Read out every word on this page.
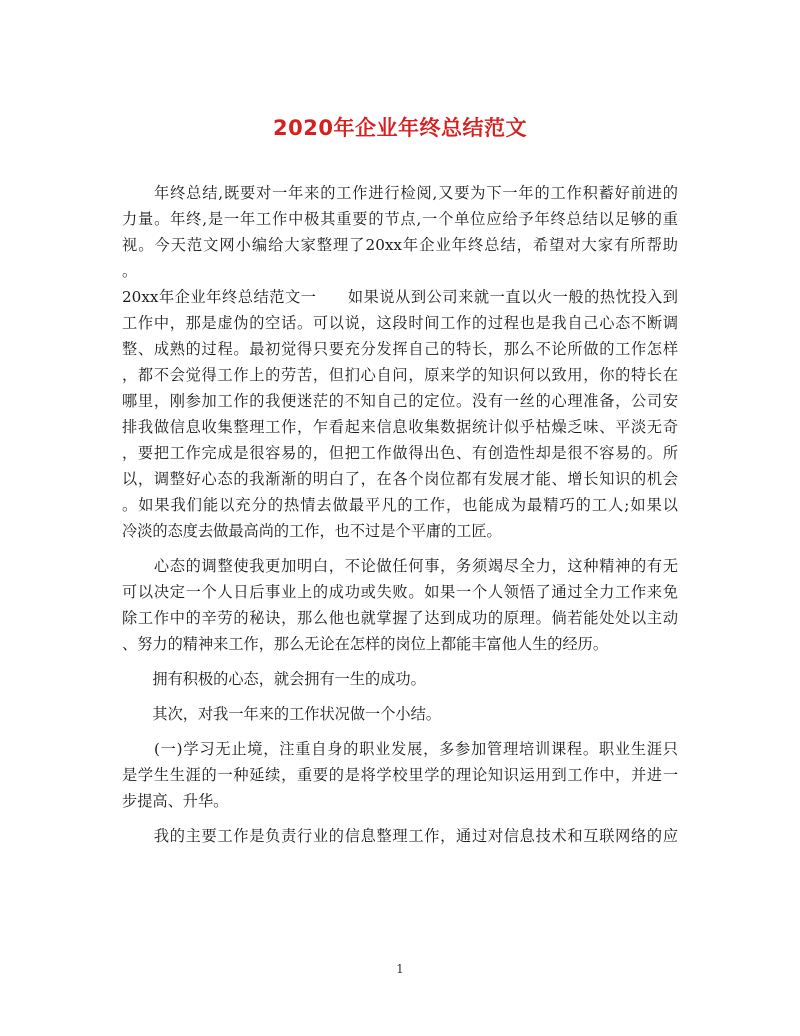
2020年企业年终总结范文
　　年终总结,既要对一年来的工作进行检阅,又要为下一年的工作积蓄好前进的
力量。年终,是一年工作中极其重要的节点,一个单位应给予年终总结以足够的重
视。今天范文网小编给大家整理了20xx年企业年终总结，希望对大家有所帮助
。
20xx年企业年终总结范文一　　如果说从到公司来就一直以火一般的热忱投入到
工作中，那是虚伪的空话。可以说，这段时间工作的过程也是我自己心态不断调
整、成熟的过程。最初觉得只要充分发挥自己的特长，那么不论所做的工作怎样
，都不会觉得工作上的劳苦，但扪心自问，原来学的知识何以致用，你的特长在
哪里，刚参加工作的我便迷茫的不知自己的定位。没有一丝的心理准备，公司安
排我做信息收集整理工作，乍看起来信息收集数据统计似乎枯燥乏味、平淡无奇
，要把工作完成是很容易的，但把工作做得出色、有创造性却是很不容易的。所
以，调整好心态的我渐渐的明白了，在各个岗位都有发展才能、增长知识的机会
。如果我们能以充分的热情去做最平凡的工作，也能成为最精巧的工人;如果以
冷淡的态度去做最高尚的工作，也不过是个平庸的工匠。
　　心态的调整使我更加明白，不论做任何事，务须竭尽全力，这种精神的有无
可以决定一个人日后事业上的成功或失败。如果一个人领悟了通过全力工作来免
除工作中的辛劳的秘诀，那么他也就掌握了达到成功的原理。倘若能处处以主动
、努力的精神来工作，那么无论在怎样的岗位上都能丰富他人生的经历。
　　拥有积极的心态，就会拥有一生的成功。
　　其次，对我一年来的工作状况做一个小结。
　　(一)学习无止境，注重自身的职业发展，多参加管理培训课程。职业生涯只
是学生生涯的一种延续，重要的是将学校里学的理论知识运用到工作中，并进一
步提高、升华。
　　我的主要工作是负责行业的信息整理工作，通过对信息技术和互联网络的应
1
